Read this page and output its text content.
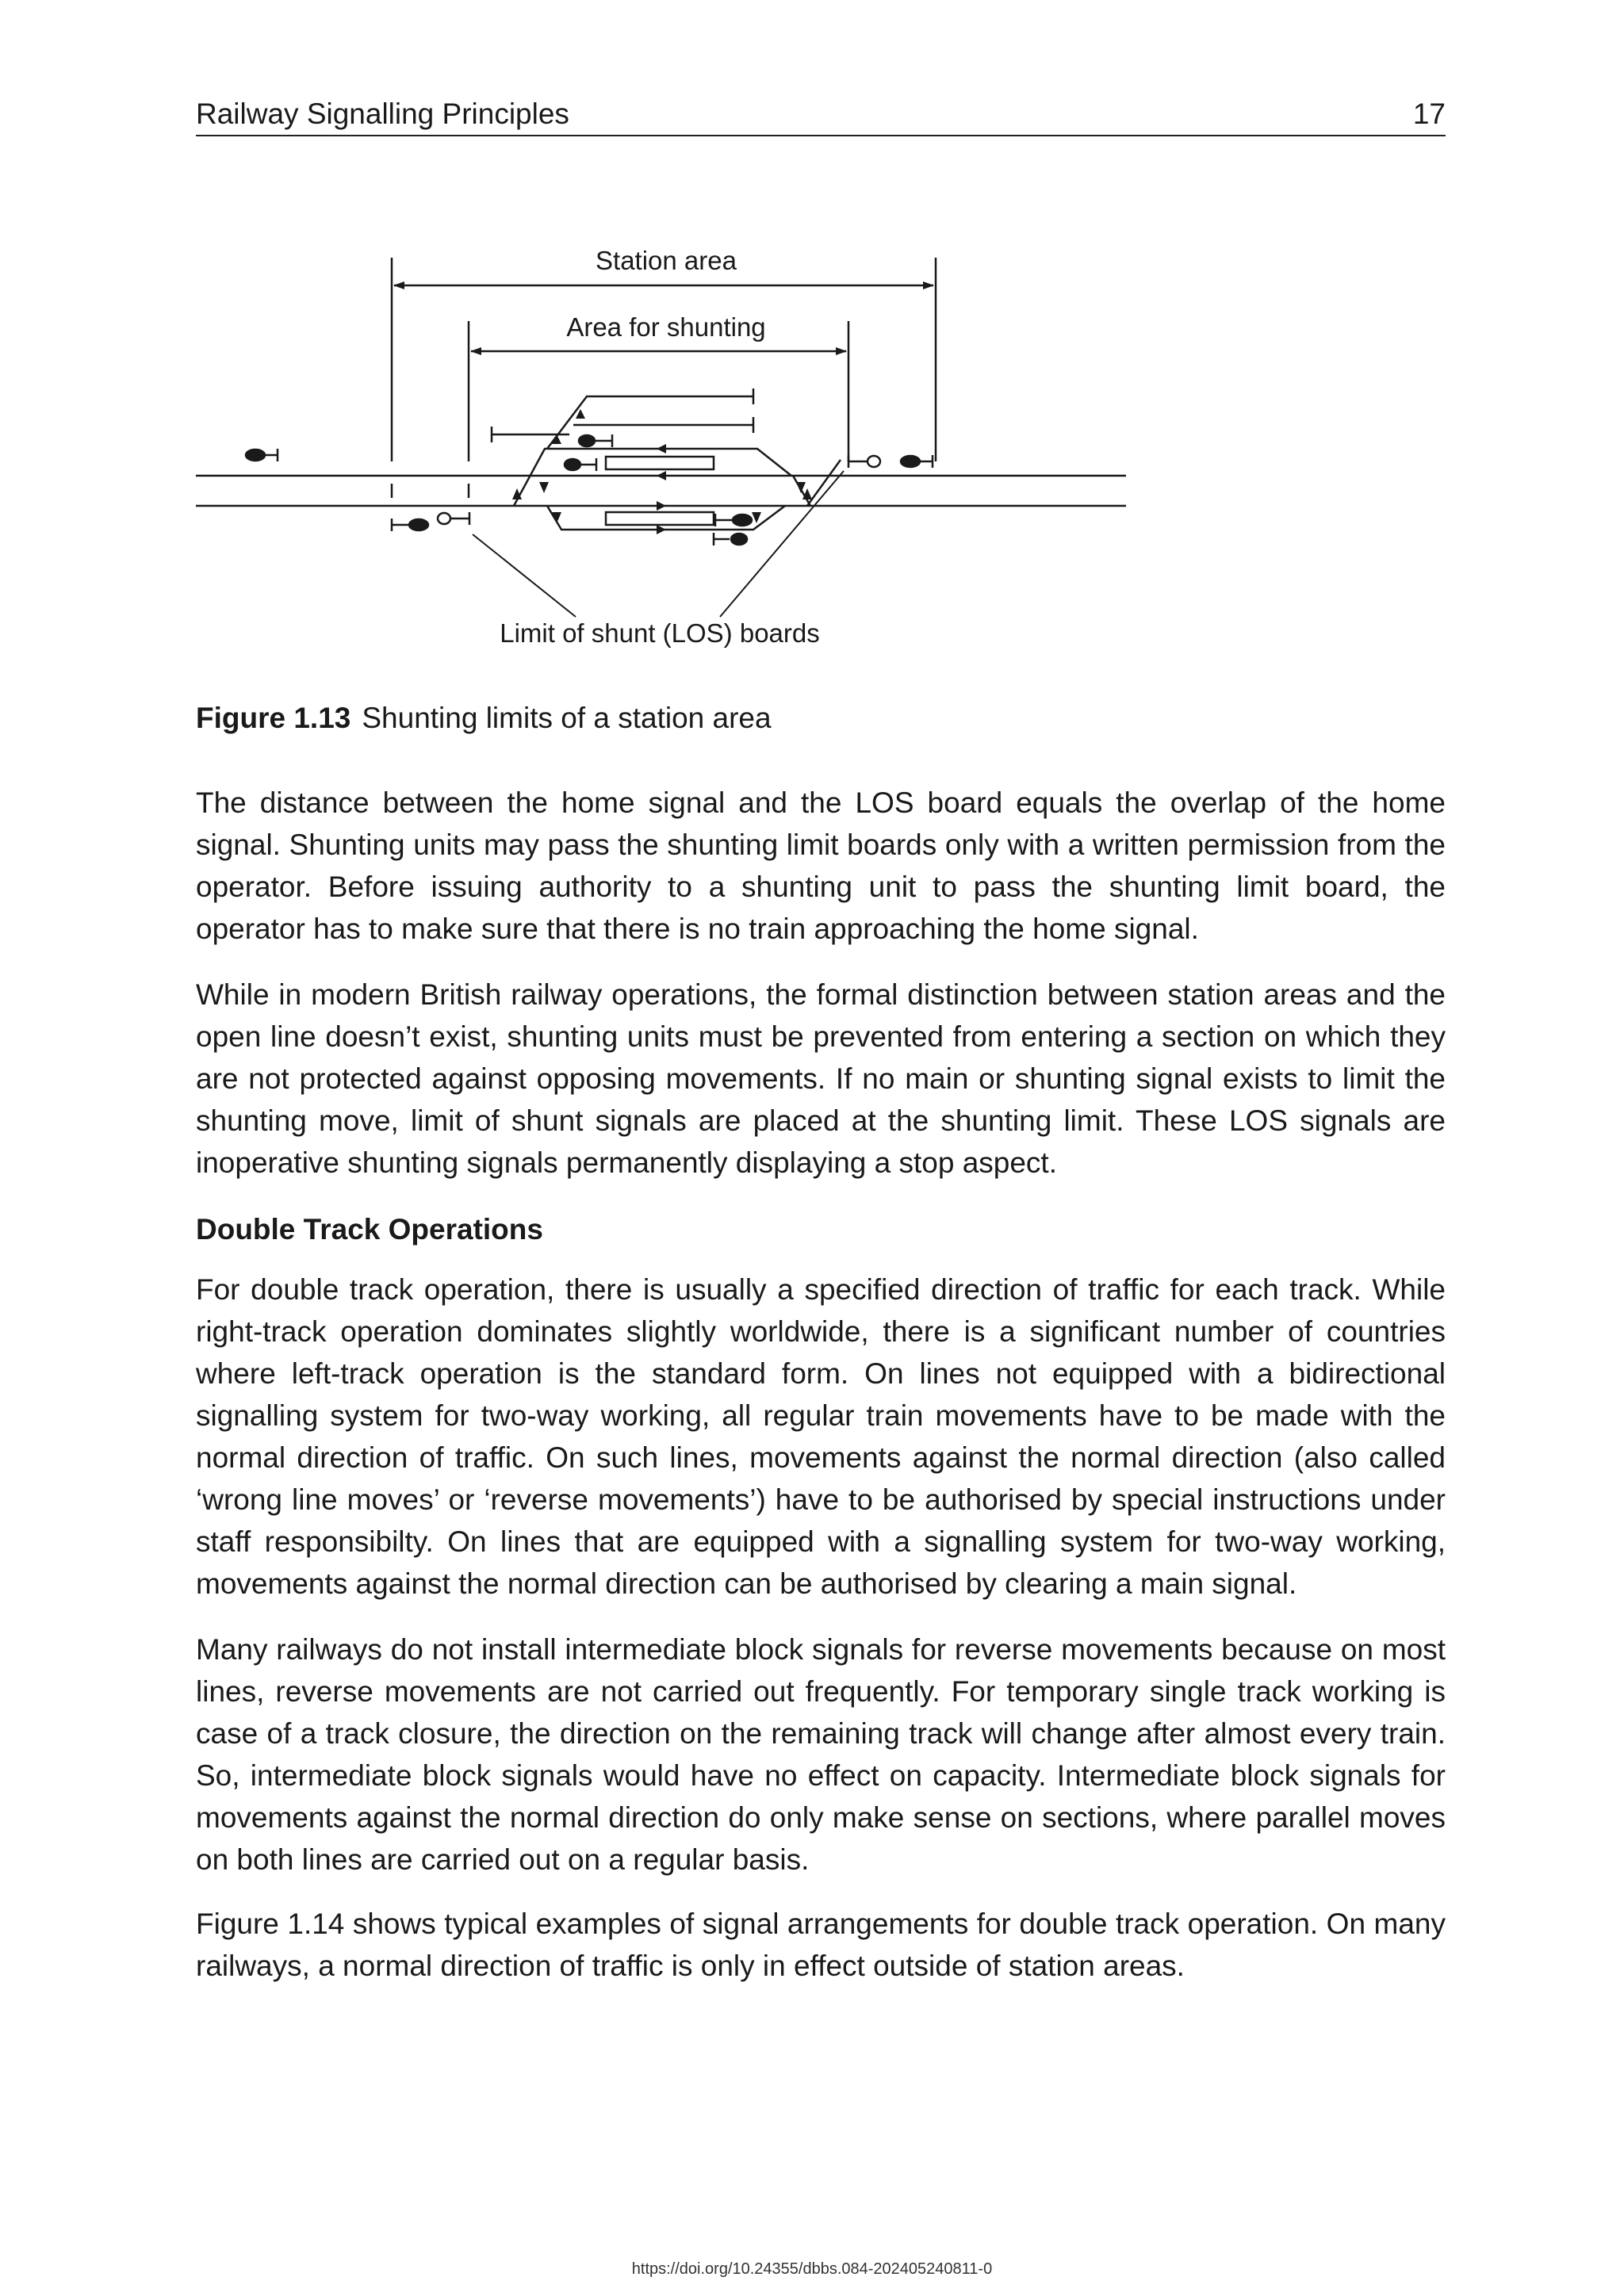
Railway Signalling Principles	17
Station area
Area for shunting
Limit of shunt (LOS) boards
Figure 1.13 Shunting limits of a station area

The distance between the home signal and the LOS board equals the overlap of the home signal. Shunting units may pass the shunting limit boards only with a written permission from the operator. Before issuing authority to a shunting unit to pass the shunting limit board, the operator has to make sure that there is no train approaching the home signal.

While in modern British railway operations, the formal distinction between station areas and the open line doesn’t exist, shunting units must be prevented from entering a section on which they are not protected against opposing movements. If no main or shunting signal exists to limit the shunting move, limit of shunt signals are placed at the shunting limit. These LOS signals are inoperative shunting signals permanently displaying a stop aspect.

Double Track Operations

For double track operation, there is usually a specified direction of traffic for each track. While right-track operation dominates slightly worldwide, there is a significant number of countries where left-track operation is the standard form. On lines not equipped with a bidirectional signalling system for two-way working, all regular train movements have to be made with the normal direction of traffic. On such lines, movements against the normal direction (also called ‘wrong line moves’ or ‘reverse movements’) have to be authorised by special instructions under staff responsibilty. On lines that are equipped with a signalling system for two-way working, movements against the normal direction can be authorised by clearing a main signal.

Many railways do not install intermediate block signals for reverse movements because on most lines, reverse movements are not carried out frequently. For temporary single track working is case of a track closure, the direction on the remaining track will change after almost every train. So, intermediate block signals would have no effect on capacity. Intermediate block signals for movements against the normal direction do only make sense on sections, where parallel moves on both lines are carried out on a regular basis.

Figure 1.14 shows typical examples of signal arrangements for double track operation. On many railways, a normal direction of traffic is only in effect outside of station areas.

https://doi.org/10.24355/dbbs.084-202405240811-0
